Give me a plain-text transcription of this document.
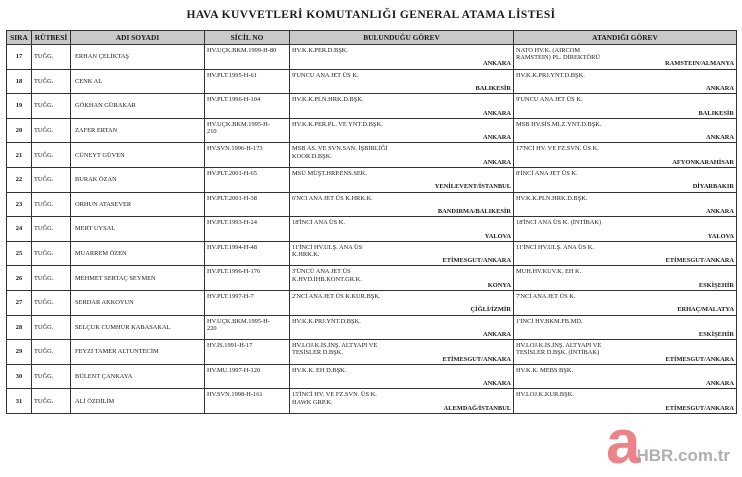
HAVA KUVVETLERİ KOMUTANLIĞI GENERAL ATAMA LİSTESİ
SIRA	RÜTBESİ	ADI SOYADI	SİCİL NO	BULUNDUĞU GÖREV	ATANDIĞI GÖREV
17	TUĞG.	ERHAN ÇELİKTAŞ	HV.UÇK.BKM.1999-H-80	HV.K.K.PER.D.BŞK.
ANKARA	NATO HV.K. (AIRCOM
RAMSTEIN) PL. DİREKTÖRÜ
RAMSTEIN/ALMANYA

18	TUĞG.	CENK AL	HV.PLT.1995-H-61	9'UNCU ANA JET ÜS K.
BALIKESİR	HV.K.K.PRJ.YNT.D.BŞK.
ANKARA

19	TUĞG.	GÖKHAN GÜRAKAR	HV.PLT.1996-H-104	HV.K.K.PLN.HRK.D.BŞK.
ANKARA	9'UNCU ANA JET ÜS K.
BALIKESİR

20	TUĞG.	ZAFER ERTAN	HV.UÇK.BKM.1995-H-
210	HV.K.K.PER.PL. VE YNT.D.BŞK.
ANKARA	MSB HV.SİS.MLZ.YNT.D.BŞK.
ANKARA

21	TUĞG.	CÜNEYT GÜVEN	HV.SVN.1996-H-173	MSB AS. VE SVN.SAN. İŞBİRLİĞİ
KOOR.D.BŞK.
ANKARA	17'NCİ HV. VE FZ.SVN. ÜS K.
AFYONKARAHİSAR

22	TUĞG.	BURAK ÖZAN	HV.PLT.2001-H-65	MSÜ MÜŞT.HRP.ENS.SEK.
YENİLEVENT/İSTANBUL	8'İNCİ ANA JET ÜS K.
DİYARBAKIR

23	TUĞG.	ORHUN ATASEVER	HV.PLT.2001-H-38	6'NCI ANA JET ÜS K.HRK.K.
BANDIRMA/BALIKESİR	HV.K.K.PLN.HRK.D.BŞK.
ANKARA

24	TUĞG.	MERT UYSAL	HV.PLT.1993-H-24	18'İNCİ ANA ÜS K.
YALOVA	18'İNCİ ANA ÜS K. (İNTİBAK)
YALOVA

25	TUĞG.	MUARREM ÖZEN	HV.PLT.1994-H-48	11'İNCİ HV.ULŞ. ANA ÜS
K.HRK.K.
ETİMESGUT/ANKARA	11'İNCİ HV.ULŞ. ANA ÜS K.
ETİMESGUT/ANKARA

26	TUĞG.	MEHMET SERTAÇ SEYMEN	HV.PLT.1996-H-176	3'ÜNCÜ ANA JET ÜS
K.HVD.İHB.KONT.GR.K.
KONYA	MUH.HV.KUV.K. EH K.
ESKİŞEHİR

27	TUĞG.	SERDAR AKKOYUN	HV.PLT.1997-H-7	2'NCİ ANA JET ÜS K.KUR.BŞK.
ÇİĞLİ/İZMİR	7'NCİ ANA JET ÜS K.
ERHAÇ/MALATYA

28	TUĞG.	SELÇUK CUMHUR KABASAKAL	HV.UÇK.BKM.1995-H-
220	HV.K.K.PRJ.YNT.D.BŞK.
ANKARA	1'İNCİ HV.BKM.FB.MD.
ESKİŞEHİR

29	TUĞG.	FEYZİ TAMER ALTUNTECİM	HV.İS.1991-H-17	HV.LOJ.K.İS.İNŞ. ALTYAPI VE
TESİSLER D.BŞK.
ETİMESGUT/ANKARA	HV.LOJ.K.İS.İNŞ. ALTYAPI VE
TESİSLER D.BŞK. (İNTİBAK)
ETİMESGUT/ANKARA

30	TUĞG.	BÜLENT ÇANKAYA	HV.MU.1997-H-120	HV.K.K. EH D.BŞK.
ANKARA	HV.K.K. MEBS BŞK.
ANKARA

31	TUĞG.	ALİ ÖZDİLİM	HV.SVN.1998-H-161	15'İNCİ HV. VE FZ.SVN. ÜS K.
HAWK GRP.K.
ALEMDAĞ/İSTANBUL	HV.LOJ.K.KUR.BŞK.
ETİMESGUT/ANKARA
a
HBR.com.tr
